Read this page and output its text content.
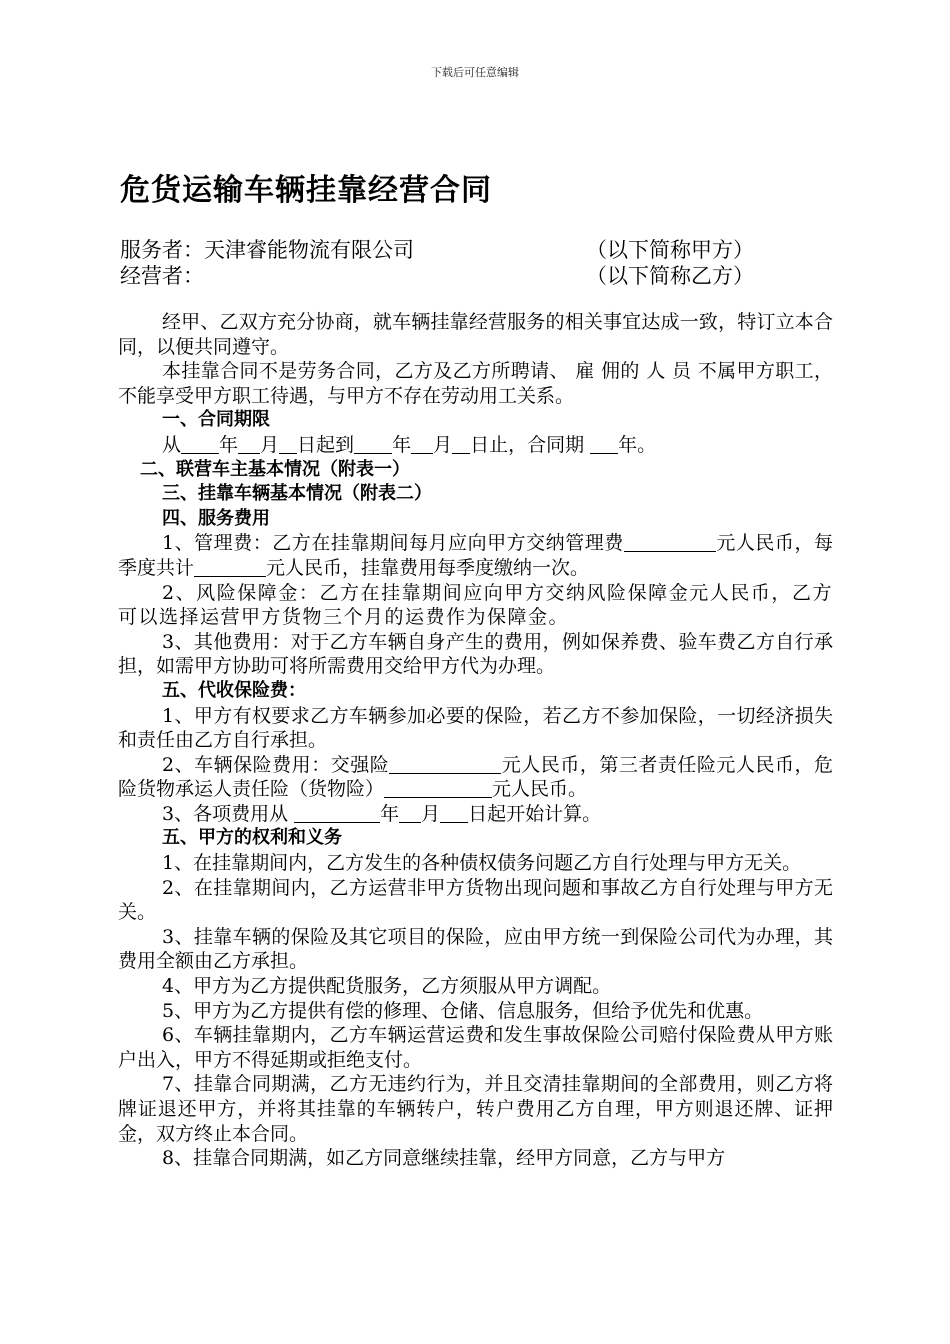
下载后可任意编辑
危货运输车辆挂靠经营合同
服务者：天津睿能物流有限公司	（以下简称甲方）
经营者：	（以下简称乙方）

经甲、乙双方充分协商，就车辆挂靠经营服务的相关事宜达成一致，特订立本合同，以便共同遵守。

本挂靠合同不是劳务合同，乙方及乙方所聘请、 雇 佣的 人 员 不属甲方职工，不能享受甲方职工待遇，与甲方不存在劳动用工关系。

一、合同期限

从 年 月 日起到 年 月 日止，合同期 年。

二、联营车主基本情况（附表一）

三、挂靠车辆基本情况（附表二）

四、服务费用

1、管理费：乙方在挂靠期间每月应向甲方交纳管理费	元人民币，每季度共计	元人民币，挂靠费用每季度缴纳一次。

2、风险保障金：乙方在挂靠期间应向甲方交纳风险保障金元人民币，乙方可以选择运营甲方货物三个月的运费作为保障金。

3、其他费用：对于乙方车辆自身产生的费用，例如保养费、验车费乙方自行承担，如需甲方协助可将所需费用交给甲方代为办理。

五、代收保险费：

1、甲方有权要求乙方车辆参加必要的保险，若乙方不参加保险，一切经济损失和责任由乙方自行承担。

2、车辆保险费用：交强险	元人民币，第三者责任险元人民币，危险货物承运人责任险（货物险）	元人民币。

3、各项费用从	年 月 日起开始计算。

五、甲方的权利和义务

1、在挂靠期间内，乙方发生的各种债权债务问题乙方自行处理与甲方无关。

2、在挂靠期间内，乙方运营非甲方货物出现问题和事故乙方自行处理与甲方无关。

3、挂靠车辆的保险及其它项目的保险，应由甲方统一到保险公司代为办理，其费用全额由乙方承担。

4、甲方为乙方提供配货服务，乙方须服从甲方调配。

5、甲方为乙方提供有偿的修理、仓储、信息服务，但给予优先和优惠。

6、车辆挂靠期内，乙方车辆运营运费和发生事故保险公司赔付保险费从甲方账户出入，甲方不得延期或拒绝支付。

7、挂靠合同期满，乙方无违约行为，并且交清挂靠期间的全部费用，则乙方将牌证退还甲方，并将其挂靠的车辆转户，转户费用乙方自理，甲方则退还牌、证押金，双方终止本合同。

8、挂靠合同期满，如乙方同意继续挂靠，经甲方同意，乙方与甲方
